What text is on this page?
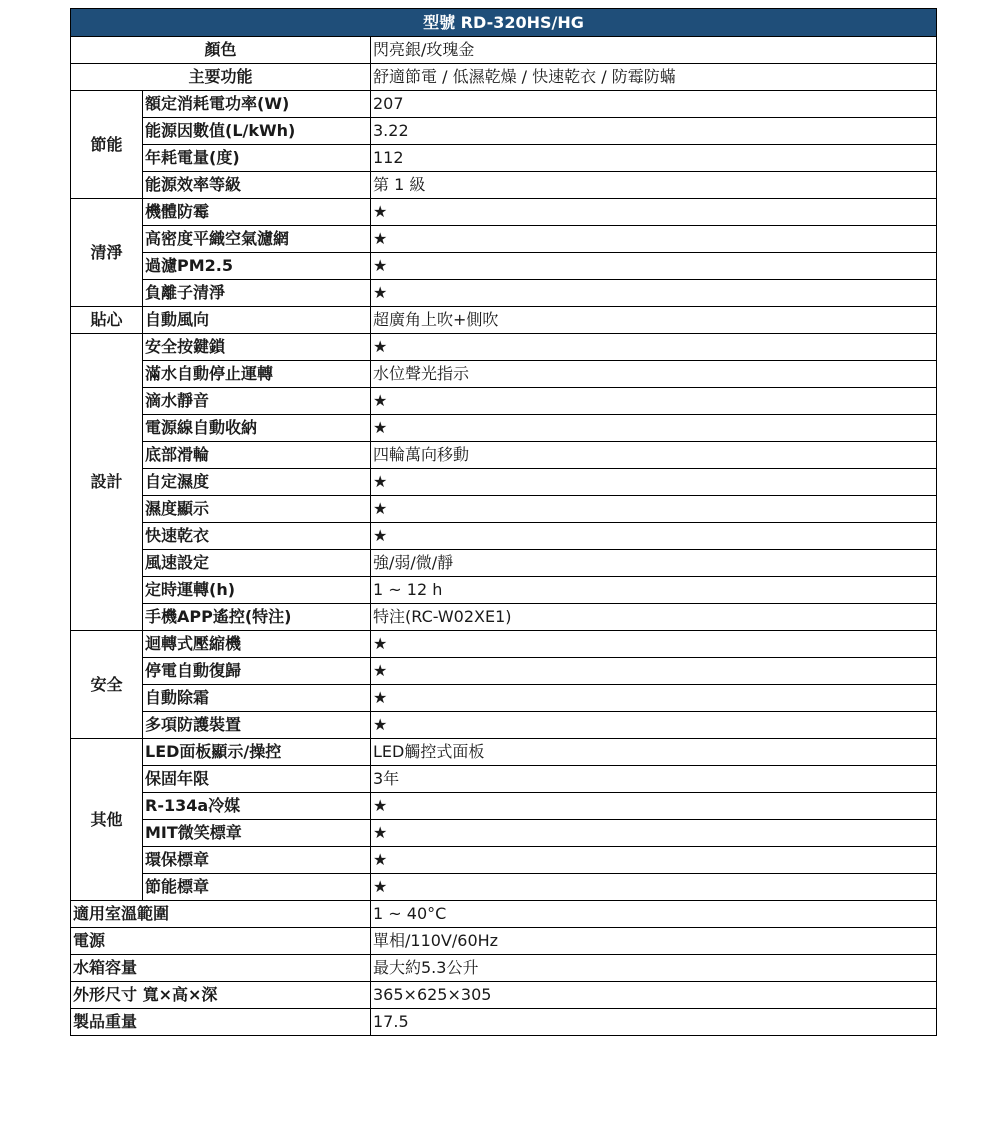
型號 RD-320HS/HG		
顏色		閃亮銀/玫瑰金
主要功能		舒適節電 / 低濕乾燥 / 快速乾衣 / 防霉防蟎
節能	額定消耗電功率(W)	207
	能源因數值(L/kWh)	3.22
	年耗電量(度)	112
	能源效率等級	第 1 級
清淨	機體防霉	★
	高密度平織空氣濾網	★
	過濾PM2.5	★
	負離子清淨	★
貼心	自動風向	超廣角上吹+側吹
設計	安全按鍵鎖	★
	滿水自動停止運轉	水位聲光指示
	滴水靜音	★
	電源線自動收納	★
	底部滑輪	四輪萬向移動
	自定濕度	★
	濕度顯示	★
	快速乾衣	★
	風速設定	強/弱/微/靜
	定時運轉(h)	1 ~ 12 h
	手機APP遙控(特注)	特注(RC-W02XE1)
安全	迴轉式壓縮機	★
	停電自動復歸	★
	自動除霜	★
	多項防護裝置	★
其他	LED面板顯示/操控	LED觸控式面板
	保固年限	3年
	R-134a冷媒	★
	MIT微笑標章	★
	環保標章	★
	節能標章	★
適用室溫範圍		1 ~ 40°C
電源		單相/110V/60Hz
水箱容量		最大約5.3公升
外形尺寸 寬×高×深		365×625×305
製品重量		17.5
